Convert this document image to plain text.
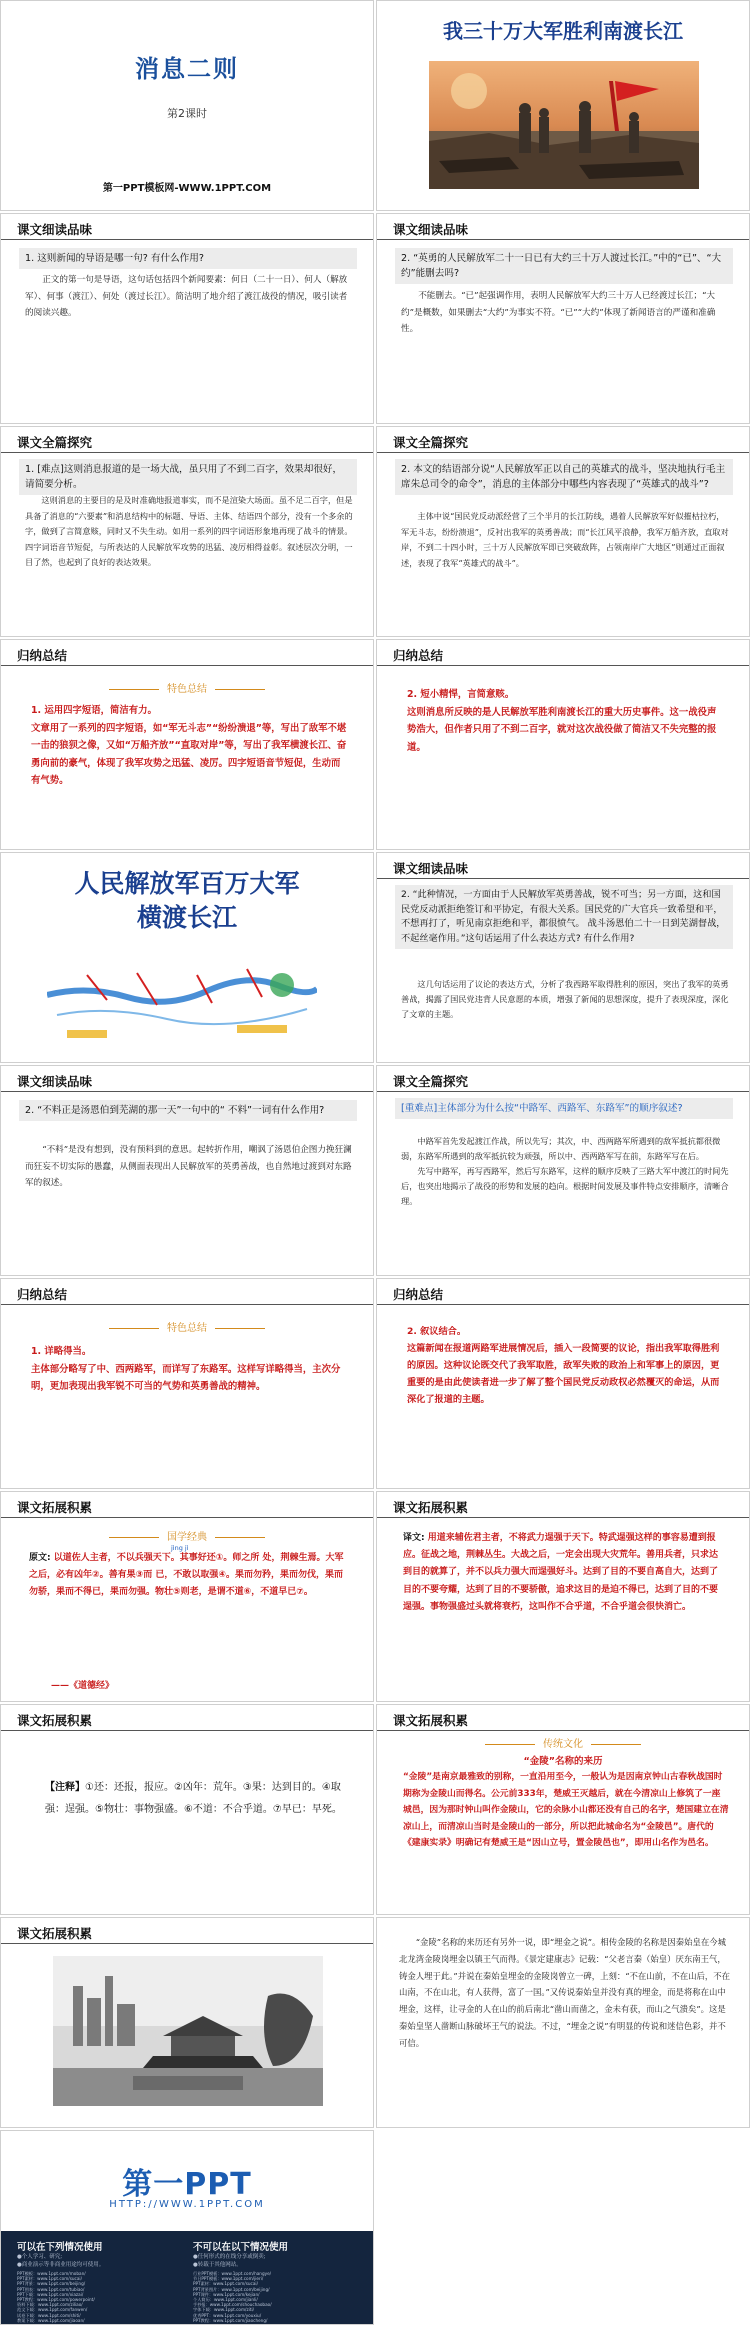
消息二则
第2课时
第一PPT模板网-WWW.1PPT.COM
我三十万大军胜利南渡长江
课文细读品味
1. 这则新闻的导语是哪一句? 有什么作用?
　　正文的第一句是导语，这句话包括四个新闻要素：何日（二十一日）、何人（解放军）、何事（渡江）、何处（渡过长江）。简洁明了地介绍了渡江战役的情况，吸引读者的阅读兴趣。
课文细读品味
2. “英勇的人民解放军二十一日已有大约三十万人渡过长江。”中的“已”、“大约”能删去吗?
　　不能删去。“已”起强调作用，表明人民解放军大约三十万人已经渡过长江；“大约”是概数，如果删去“大约”为事实不符。“已”“大约”体现了新闻语言的严谨和准确性。
课文全篇探究
1. [难点]这则消息报道的是一场大战，虽只用了不到二百字，效果却很好，请简要分析。
　　这则消息的主要目的是及时准确地报道事实，而不是渲染大场面。虽不足二百字，但是具备了消息的“六要素”和消息结构中的标题、导语、主体、结语四个部分，没有一个多余的字，做到了言简意赅，同时又不失生动。如用一系列的四字词语形象地再现了战斗的情景。四字词语音节短促，与所表达的人民解放军攻势的迅猛、凌厉相得益彰。叙述层次分明，一目了然，也起到了良好的表达效果。
课文全篇探究
2. 本文的结语部分说“人民解放军正以自己的英雄式的战斗，坚决地执行毛主席朱总司令的命令”，消息的主体部分中哪些内容表现了“英雄式的战斗”?
　　主体中说“国民党反动派经营了三个半月的长江防线，遇着人民解放军好似摧枯拉朽，军无斗志，纷纷溃退”，反衬出我军的英勇善战；而“长江风平浪静，我军万船齐放，直取对岸，不到二十四小时，三十万人民解放军即已突破敌阵，占领南岸广大地区”则通过正面叙述，表现了我军“英雄式的战斗”。
归纳总结
特色总结
1. 运用四字短语，简洁有力。
文章用了一系列的四字短语，如“军无斗志”“纷纷溃退”等，写出了敌军不堪一击的狼狈之像，又如“万船齐放”“直取对岸”等，写出了我军横渡长江、奋勇向前的豪气，体现了我军攻势之迅猛、凌厉。四字短语音节短促，生动而有气势。
归纳总结
2. 短小精悍，言简意赅。
这则消息所反映的是人民解放军胜利南渡长江的重大历史事件。这一战役声势浩大，但作者只用了不到二百字，就对这次战役做了简洁又不失完整的报道。
人民解放军百万大军
横渡长江
课文细读品味
2. “此种情况，一方面由于人民解放军英勇善战，锐不可当；另一方面，这和国民党反动派拒绝签订和平协定，有很大关系。国民党的广大官兵一致希望和平，不想再打了，听见南京拒绝和平，都很愤气。 战斗汤恩伯二十一日到芜湖督战，不起丝毫作用。”这句话运用了什么表达方式? 有什么作用?
　　这几句话运用了议论的表达方式，分析了我西路军取得胜利的原因，突出了我军的英勇善战，揭露了国民党违背人民意愿的本质，增强了新闻的思想深度，提升了表现深度，深化了文章的主题。
课文细读品味
2. “不料正是汤恩伯到芜湖的那一天”一句中的“ 不料”一词有什么作用?
　　“不料”是没有想到，没有预料到的意思。起转折作用，嘲讽了汤恩伯企图力挽狂澜而狂妄不切实际的愚蠢，从侧面表现出人民解放军的英勇善战，也自然地过渡到对东路军的叙述。
课文全篇探究
[重难点]主体部分为什么按“中路军、西路军、东路军”的顺序叙述?
　　中路军首先发起渡江作战，所以先写；其次，中、西两路军所遇到的敌军抵抗都很微弱，东路军所遇到的敌军抵抗较为顽强，所以中、西两路军写在前，东路军写在后。
　　先写中路军，再写西路军，然后写东路军，这样的顺序反映了三路大军中渡江的时间先后，也突出地揭示了战役的形势和发展的趋向。根据时间发展及事件特点安排顺序，清晰合理。
归纳总结
特色总结
1. 详略得当。
主体部分略写了中、西两路军，而详写了东路军。这样写详略得当，主次分明，更加表现出我军锐不可当的气势和英勇善战的精神。
归纳总结
2. 叙议结合。
这篇新闻在报道两路军进展情况后，插入一段简要的议论，指出我军取得胜利的原因。这种议论既交代了我军取胜，敌军失败的政治上和军事上的原因，更重要的是由此使读者进一步了解了整个国民党反动政权必然覆灭的命运，从而深化了报道的主题。
课文拓展积累
国学经典
jìng jì
原文: 以道佐人主者，不以兵强天下。其事好还①。师之所 处，荆棘生焉。大军之后，必有凶年②。善有果③而 已，不敢以取强④。果而勿矜，果而勿伐，果而勿骄，果而不得已，果而勿强。物壮⑤则老，是谓不道⑥，不道早已⑦。
——《道德经》
课文拓展积累
译文: 用道来辅佐君主者，不将武力逞强于天下。特武逞强这样的事容易遭到报应。征战之地，荆棘丛生。大战之后，一定会出现大灾荒年。善用兵者，只求达到目的就算了，并不以兵力强大而逞强好斗。达到了目的不要自高自大，达到了目的不要夸耀，达到了目的不要骄傲，追求这目的是迫不得已，达到了目的不要逞强。事物强盛过头就将衰朽，这叫作不合乎道，不合乎道会很快消亡。
课文拓展积累
【注释】①还：还报，报应。②凶年：荒年。③果：达到目的。④取强：逞强。⑤物壮：事物强盛。⑥不道：不合乎道。⑦早已：早死。
课文拓展积累
传统文化
“金陵”名称的来历
“金陵”是南京最雅致的别称，一直沿用至今，一般认为是因南京钟山古春秋战国时期称为金陵山而得名。公元前333年，楚威王灭越后，就在今清凉山上修筑了一座城邑，因为那时钟山叫作金陵山，它的余脉小山都还没有自己的名字，楚国建立在清凉山上，而清凉山当时是金陵山的一部分，所以把此城命名为“金陵邑”。唐代的《建康实录》明确记有楚威王是“因山立号，置金陵邑也”，即用山名作为邑名。
课文拓展积累
　　“金陵”名称的来历还有另外一说，即“埋金之说”。相传金陵的名称是因秦始皇在今城北龙湾金陵岗埋金以镇王气而得。《景定建康志》记载：“父老言秦（始皇）厌东南王气，铸金人埋于此。”并说在秦始皇埋金的金陵岗曾立一碑，上刻：“不在山前，不在山后，不在山南，不在山北，有人获得，富了一国。”又传说秦始皇并没有真的埋金，而是将称在山中埋金，这样，让寻金的人在山的前后南北“凿山而凿之，金未有获，而山之气溃矣”。这是秦始皇坚人凿断山脉破坏王气的说法。不过，“埋金之说”有明显的传说和迷信色彩，并不可信。
第一PPT
HTTP://WWW.1PPT.COM
可以在下列情况使用	不可以在以下情况使用
●个人学习、研究;
●商业演示等非商业用途均可使用。
●任何形式的在线分享或倒卖;
●转载于其他网站。
PPT模板：www.1ppt.com/moban/
PPT素材：www.1ppt.com/sucai/
PPT背景：www.1ppt.com/beijing/
PPT图表：www.1ppt.com/tubiao/
PPT下载：www.1ppt.com/xiazai/
PPT教程：www.1ppt.com/powerpoint/
资料下载：www.1ppt.com/ziliao/
范文下载：www.1ppt.com/fanwen/
试卷下载：www.1ppt.com/shiti/
教案下载：www.1ppt.com/jiaoan/
行业PPT模板：www.1ppt.com/hangye/
节日PPT模板：www.1ppt.com/jieri/
PPT素材：www.1ppt.com/sucai/
PPT背景图片：www.1ppt.com/beijing/
PPT课件：www.1ppt.com/kejian/
个人简历：www.1ppt.com/jianli/
手抄报：www.1ppt.com/shouchaobao/
字体下载：www.1ppt.com/ziti/
优秀PPT：www.1ppt.com/youxiu/
PPT教程：www.1ppt.com/jiaocheng/
